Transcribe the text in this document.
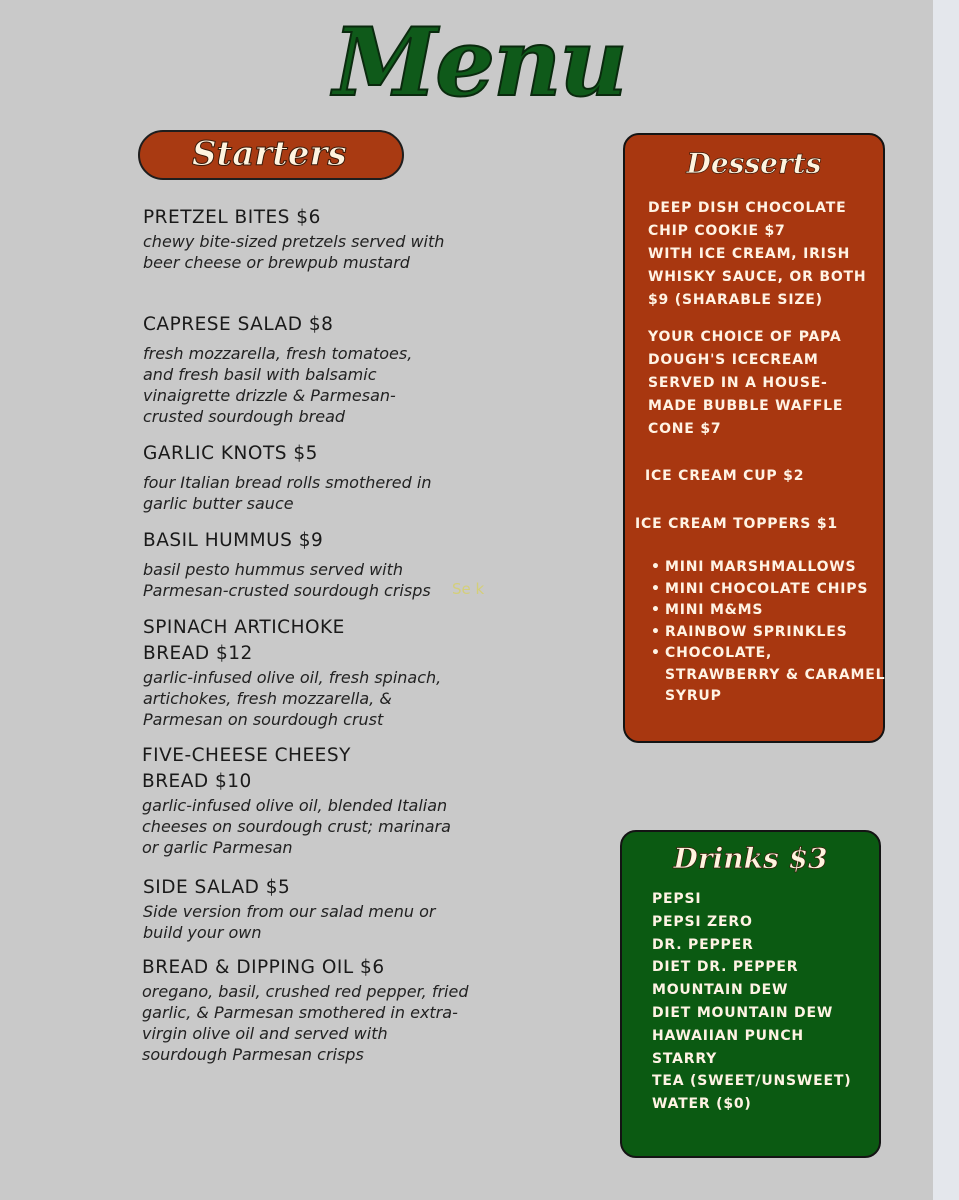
Menu
Starters
PRETZEL BITES $6
chewy bite-sized pretzels served with beer cheese or brewpub mustard
CAPRESE SALAD $8
fresh mozzarella, fresh tomatoes, and fresh basil with balsamic vinaigrette drizzle & Parmesan-crusted sourdough bread
GARLIC KNOTS $5
four Italian bread rolls smothered in garlic butter sauce
BASIL HUMMUS $9
basil pesto hummus served with Parmesan-crusted sourdough crisps	Se k
SPINACH ARTICHOKE BREAD $12
garlic-infused olive oil, fresh spinach, artichokes, fresh mozzarella, & Parmesan on sourdough crust
FIVE-CHEESE CHEESY BREAD $10
garlic-infused olive oil, blended Italian cheeses on sourdough crust; marinara or garlic Parmesan
SIDE SALAD $5
Side version from our salad menu or build your own
BREAD & DIPPING OIL $6
oregano, basil, crushed red pepper, fried garlic, & Parmesan smothered in extra-virgin olive oil and served with sourdough Parmesan crisps
Desserts
DEEP DISH CHOCOLATE
CHIP COOKIE $7
WITH ICE CREAM, IRISH
WHISKY SAUCE, OR BOTH
$9 (SHARABLE SIZE)
YOUR CHOICE OF PAPA
DOUGH'S ICECREAM
SERVED IN A HOUSE-
MADE BUBBLE WAFFLE
CONE $7
ICE CREAM CUP $2
ICE CREAM TOPPERS $1
• MINI MARSHMALLOWS
• MINI CHOCOLATE CHIPS
• MINI M&MS
• RAINBOW SPRINKLES
• CHOCOLATE,
STRAWBERRY & CARAMEL
SYRUP
Drinks $3
PEPSI
PEPSI ZERO
DR. PEPPER
DIET DR. PEPPER
MOUNTAIN DEW
DIET MOUNTAIN DEW
HAWAIIAN PUNCH
STARRY
TEA (SWEET/UNSWEET)
WATER ($0)
